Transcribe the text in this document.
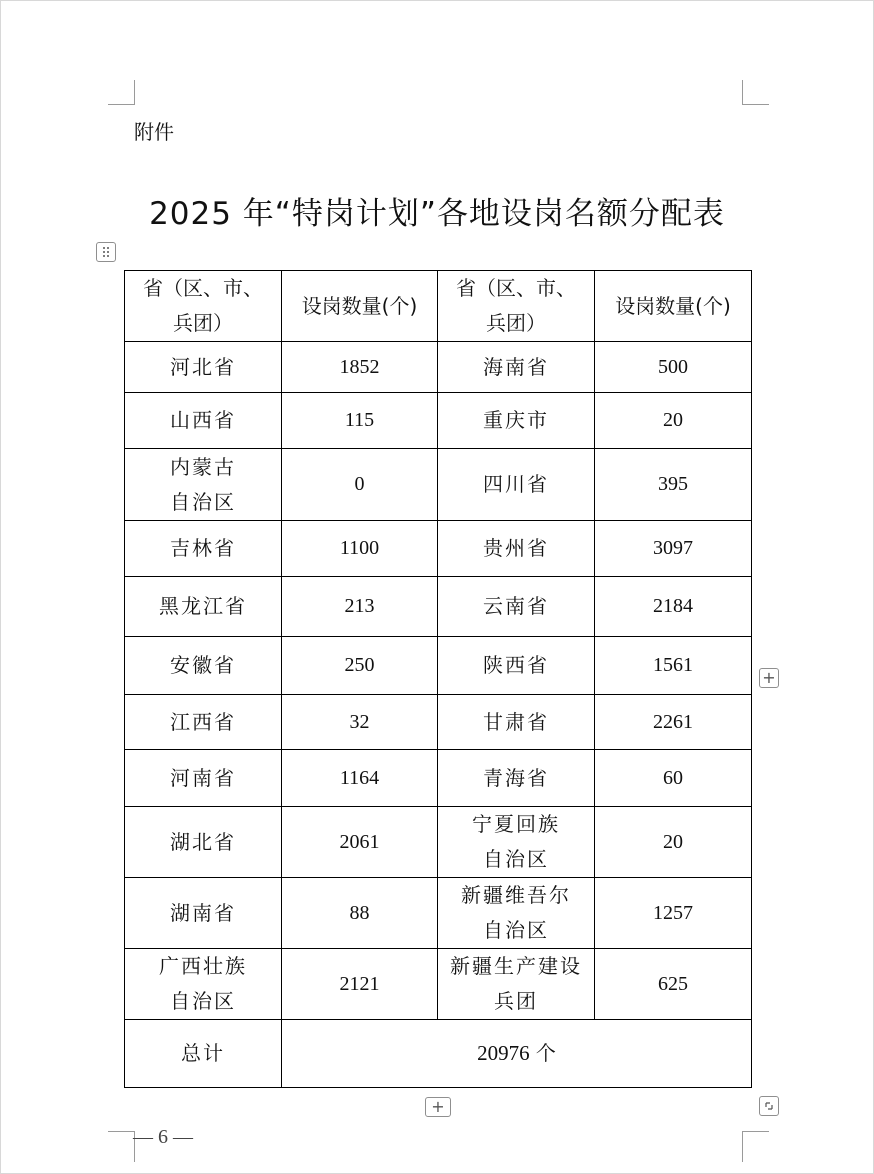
附件
2025 年“特岗计划”各地设岗名额分配表
省（区、市、
兵团）	设岗数量(个)	省（区、市、
兵团）	设岗数量(个)

河北省	1852	海南省	500

山西省	115	重庆市	20

内蒙古
自治区	0	四川省	395

吉林省	1100	贵州省	3097

黑龙江省	213	云南省	2184

安徽省	250	陕西省	1561

江西省	32	甘肃省	2261

河南省	1164	青海省	60

湖北省	2061	宁夏回族
自治区	20

湖南省	88	新疆维吾尔
自治区	1257

广西壮族
自治区	2121	新疆生产建设
兵团	625
总计	20976 个		
+
+
— 6 —
